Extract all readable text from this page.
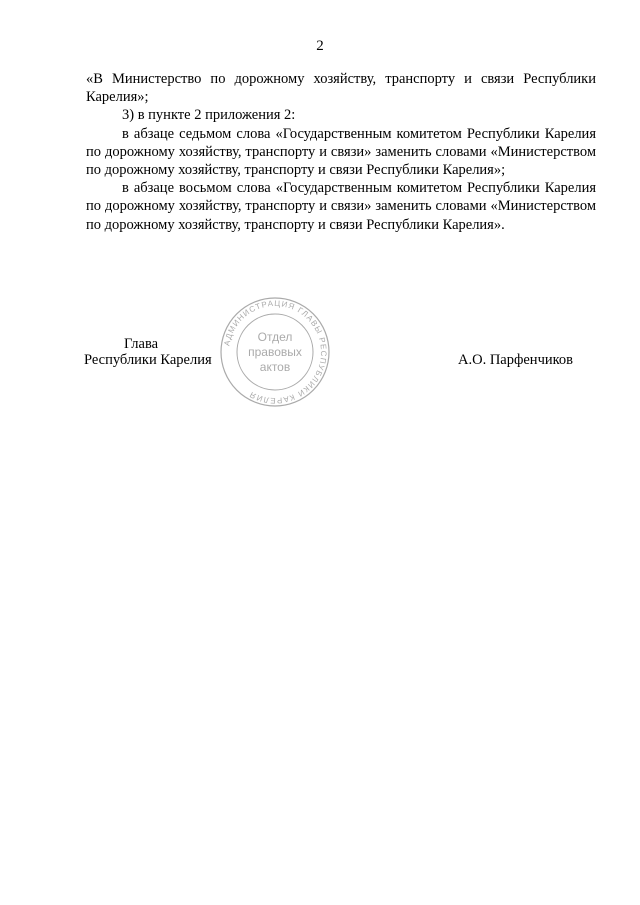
2

«В Министерство по дорожному хозяйству, транспорту и связи Республики Карелия»;

3) в пункте 2 приложения 2:

в абзаце седьмом слова «Государственным комитетом Республики Карелия по дорожному хозяйству, транспорту и связи» заменить словами «Министерством по дорожному хозяйству, транспорту и связи Республики Карелия»;

в абзаце восьмом слова «Государственным комитетом Республики Карелия по дорожному хозяйству, транспорту и связи» заменить словами «Министерством по дорожному хозяйству, транспорту и связи Республики Карелия».

Глава
Республики Карелия	А.О. Парфенчиков
АДМИНИСТРАЦИЯ ГЛАВЫ РЕСПУБЛИКИ КАРЕЛИЯ
Отдел
правовых
актов
